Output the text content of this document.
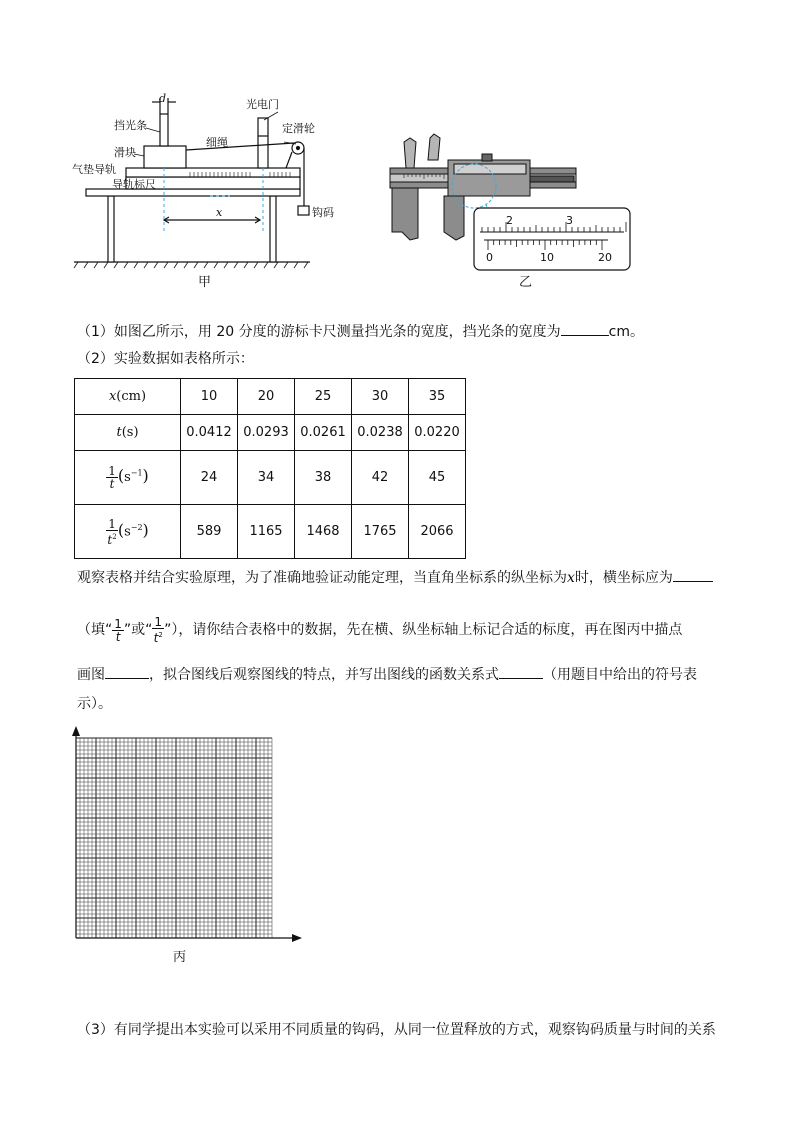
d
挡光条
滑块
气垫导轨
导轨标尺
细绳
光电门
定滑轮
钩码
x
甲
2	3
0	10	20
乙
（1）如图乙所示，用 20 分度的游标卡尺测量挡光条的宽度，挡光条的宽度为	cm。
（2）实验数据如表格所示：
x(cm)	10	20	25	30	35
t(s)	0.0412	0.0293	0.0261	0.0238	0.0220

$\frac{1}{t} (s^{-1})$	24	34	38	42	45

$\frac{1}{t^2} (s^{-2})$	589	1165	1468	1765	2066
观察表格并结合实验原理，为了准确地验证动能定理，当直角坐标系的纵坐标为x时，横坐标应为
（填“ $\frac{1}{t}$ ”或“ $\frac{1}{t^2}$ ”），请你结合表格中的数据，先在横、纵坐标轴上标记合适的标度，再在图丙中描点
画图	，拟合图线后观察图线的特点，并写出图线的函数关系式	（用题目中给出的符号表
示）。
丙
（3）有同学提出本实验可以采用不同质量的钩码，从同一位置释放的方式，观察钩码质量与时间的关系
